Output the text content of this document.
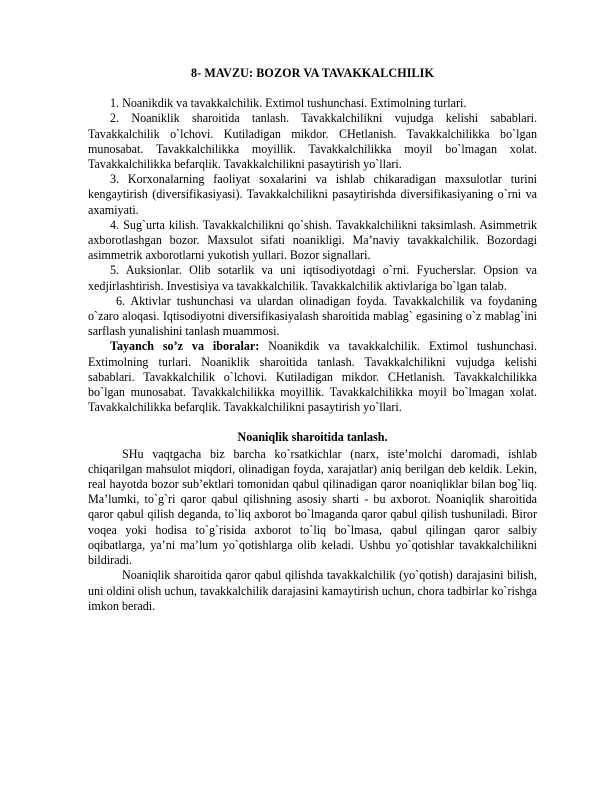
8- MAVZU: BOZOR VA TAVAKKALCHILIK

1. Noanikdik va tavakkalchilik. Extimol tushunchasi. Extimolning turlari.

2. Noaniklik sharoitida tanlash. Tavakkalchilikni vujudga kelishi sabablari. Tavakkalchilik o`lchovi. Kutiladigan mikdor. CHetlanish. Tavakkalchilikka bo`lgan munosabat. Tavakkalchilikka moyillik. Tavakkalchilikka moyil bo`lmagan xolat. Tavakkalchilikka befarqlik. Tavakkalchilikni pasaytirish yo`llari.

3. Korxonalarning faoliyat soxalarini va ishlab chikaradigan maxsulotlar turini kengaytirish (diversifikasiyasi). Tavakkalchilikni pasaytirishda diversifikasiyaning o`rni va axamiyati.

4. Sug`urta kilish. Tavakkalchilikni qo`shish. Tavakkalchilikni taksimlash. Asimmetrik axborotlashgan bozor. Maxsulot sifati noanikligi. Ma’naviy tavakkalchilik. Bozordagi asimmetrik axborotlarni yukotish yullari. Bozor signallari.

5. Auksionlar. Olib sotarlik va uni iqtisodiyotdagi o`rni. Fyucherslar. Opsion va xedjirlashtirish. Investisiya va tavakkalchilik. Tavakkalchilik aktivlariga bo`lgan talab.

6. Aktivlar tushunchasi va ulardan olinadigan foyda. Tavakkalchilik va foydaning o`zaro aloqasi. Iqtisodiyotni diversifikasiyalash sharoitida mablag` egasining o`z mablag`ini sarflash yunalishini tanlash muammosi.

Tayanch so’z va iboralar: Noanikdik va tavakkalchilik. Extimol tushunchasi. Extimolning turlari. Noaniklik sharoitida tanlash. Tavakkalchilikni vujudga kelishi sabablari. Tavakkalchilik o`lchovi. Kutiladigan mikdor. CHetlanish. Tavakkalchilikka bo`lgan munosabat. Tavakkalchilikka moyillik. Tavakkalchilikka moyil bo`lmagan xolat. Tavakkalchilikka befarqlik. Tavakkalchilikni pasaytirish yo`llari.

Noaniqlik sharoitida tanlash.

SHu vaqtgacha biz barcha ko`rsatkichlar (narx, iste’molchi daromadi, ishlab chiqarilgan mahsulot miqdori, olinadigan foyda, xarajatlar) aniq berilgan deb keldik. Lekin, real hayotda bozor sub’ektlari tomonidan qabul qilinadigan qaror noaniqliklar bilan bog`liq. Ma’lumki, to`g`ri qaror qabul qilishning asosiy sharti - bu axborot. Noaniqlik sharoitida qaror qabul qilish deganda, to`liq axborot bo`lmaganda qaror qabul qilish tushuniladi. Biror voqea yoki hodisa to`g`risida axborot to`liq bo`lmasa, qabul qilingan qaror salbiy oqibatlarga, ya’ni ma’lum yo`qotishlarga olib keladi. Ushbu yo`qotishlar tavakkalchilikni bildiradi.

Noaniqlik sharoitida qaror qabul qilishda tavakkalchilik (yo`qotish) darajasini bilish, uni oldini olish uchun, tavakkalchilik darajasini kamaytirish uchun, chora tadbirlar ko`rishga imkon beradi.
